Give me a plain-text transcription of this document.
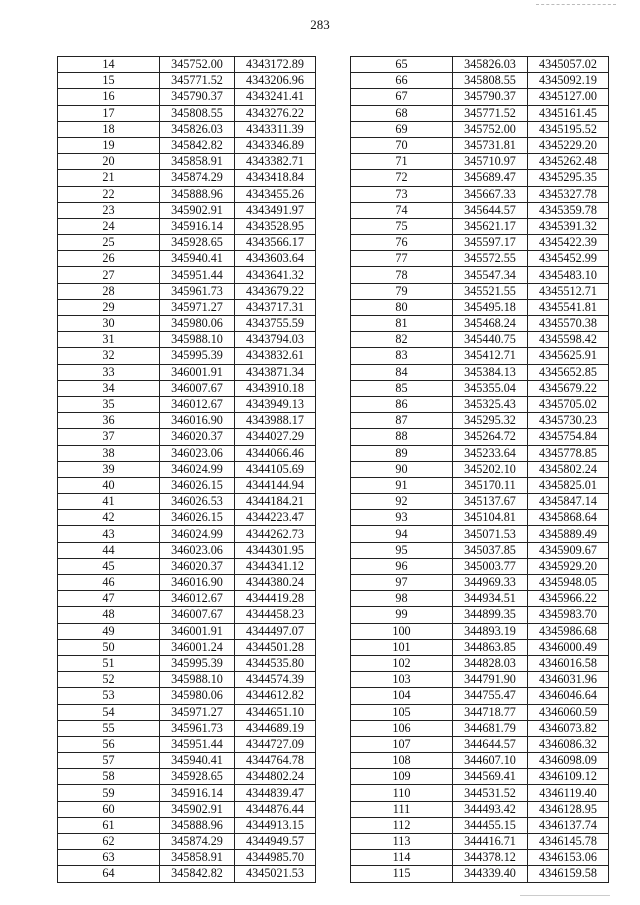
283
14	345752.00	4343172.89
15	345771.52	4343206.96
16	345790.37	4343241.41
17	345808.55	4343276.22
18	345826.03	4343311.39
19	345842.82	4343346.89
20	345858.91	4343382.71
21	345874.29	4343418.84
22	345888.96	4343455.26
23	345902.91	4343491.97
24	345916.14	4343528.95
25	345928.65	4343566.17
26	345940.41	4343603.64
27	345951.44	4343641.32
28	345961.73	4343679.22
29	345971.27	4343717.31
30	345980.06	4343755.59
31	345988.10	4343794.03
32	345995.39	4343832.61
33	346001.91	4343871.34
34	346007.67	4343910.18
35	346012.67	4343949.13
36	346016.90	4343988.17
37	346020.37	4344027.29
38	346023.06	4344066.46
39	346024.99	4344105.69
40	346026.15	4344144.94
41	346026.53	4344184.21
42	346026.15	4344223.47
43	346024.99	4344262.73
44	346023.06	4344301.95
45	346020.37	4344341.12
46	346016.90	4344380.24
47	346012.67	4344419.28
48	346007.67	4344458.23
49	346001.91	4344497.07
50	346001.24	4344501.28
51	345995.39	4344535.80
52	345988.10	4344574.39
53	345980.06	4344612.82
54	345971.27	4344651.10
55	345961.73	4344689.19
56	345951.44	4344727.09
57	345940.41	4344764.78
58	345928.65	4344802.24
59	345916.14	4344839.47
60	345902.91	4344876.44
61	345888.96	4344913.15
62	345874.29	4344949.57
63	345858.91	4344985.70
64	345842.82	4345021.53
65	345826.03	4345057.02
66	345808.55	4345092.19
67	345790.37	4345127.00
68	345771.52	4345161.45
69	345752.00	4345195.52
70	345731.81	4345229.20
71	345710.97	4345262.48
72	345689.47	4345295.35
73	345667.33	4345327.78
74	345644.57	4345359.78
75	345621.17	4345391.32
76	345597.17	4345422.39
77	345572.55	4345452.99
78	345547.34	4345483.10
79	345521.55	4345512.71
80	345495.18	4345541.81
81	345468.24	4345570.38
82	345440.75	4345598.42
83	345412.71	4345625.91
84	345384.13	4345652.85
85	345355.04	4345679.22
86	345325.43	4345705.02
87	345295.32	4345730.23
88	345264.72	4345754.84
89	345233.64	4345778.85
90	345202.10	4345802.24
91	345170.11	4345825.01
92	345137.67	4345847.14
93	345104.81	4345868.64
94	345071.53	4345889.49
95	345037.85	4345909.67
96	345003.77	4345929.20
97	344969.33	4345948.05
98	344934.51	4345966.22
99	344899.35	4345983.70
100	344893.19	4345986.68
101	344863.85	4346000.49
102	344828.03	4346016.58
103	344791.90	4346031.96
104	344755.47	4346046.64
105	344718.77	4346060.59
106	344681.79	4346073.82
107	344644.57	4346086.32
108	344607.10	4346098.09
109	344569.41	4346109.12
110	344531.52	4346119.40
111	344493.42	4346128.95
112	344455.15	4346137.74
113	344416.71	4346145.78
114	344378.12	4346153.06
115	344339.40	4346159.58
